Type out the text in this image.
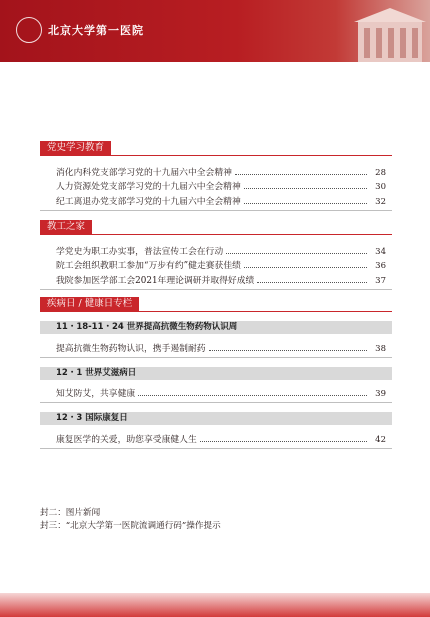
北京大学第一医院
党史学习教育
消化内科党支部学习党的十九届六中全会精神	28
人力资源处党支部学习党的十九届六中全会精神	30
纪工离退办党支部学习党的十九届六中全会精神	32
教工之家
学党史为职工办实事，普法宣传工会在行动	34
院工会组织教职工参加“万步有约”健走赛获佳绩	36
我院参加医学部工会2021年理论调研并取得好成绩	37
疾病日 / 健康日专栏
11・18-11・24 世界提高抗微生物药物认识周
提高抗微生物药物认识，携手遏制耐药	38
12・1 世界艾滋病日
知艾防艾，共享健康	39
12・3 国际康复日
康复医学的关爱，助您享受康健人生	42
封二：图片新闻
封三：“北京大学第一医院流调通行码”操作提示
